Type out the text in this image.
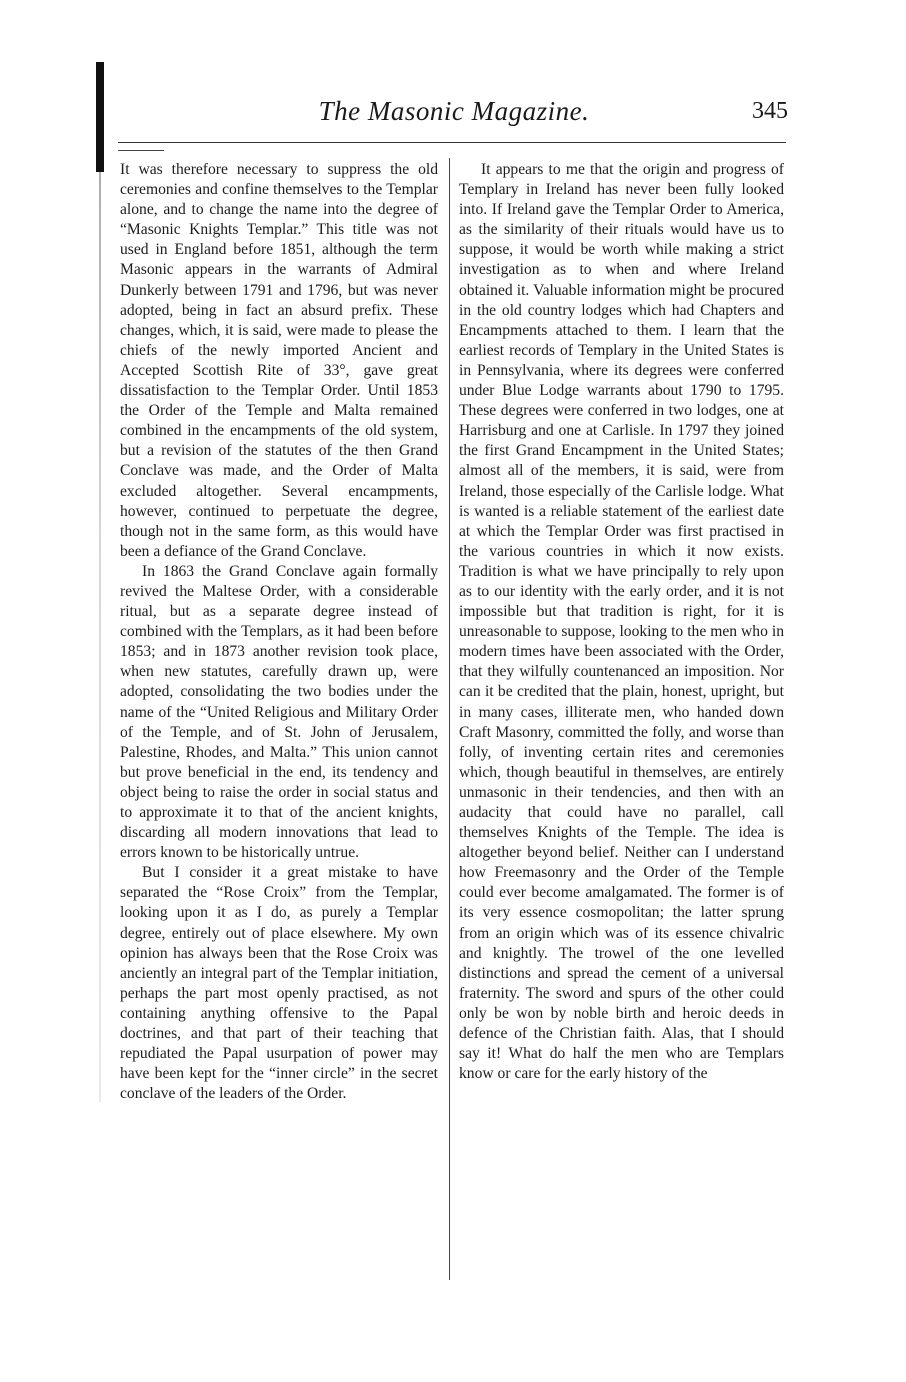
The Masonic Magazine.	345

It was therefore necessary to suppress the old ceremonies and confine themselves to the Templar alone, and to change the name into the degree of “Masonic Knights Templar.” This title was not used in England before 1851, although the term Masonic appears in the warrants of Admiral Dunkerly between 1791 and 1796, but was never adopted, being in fact an absurd prefix. These changes, which, it is said, were made to please the chiefs of the newly imported Ancient and Accepted Scottish Rite of 33°, gave great dissatisfaction to the Templar Order. Until 1853 the Order of the Temple and Malta remained combined in the encampments of the old system, but a revision of the statutes of the then Grand Conclave was made, and the Order of Malta excluded altogether. Several encampments, however, continued to perpetuate the degree, though not in the same form, as this would have been a defiance of the Grand Conclave.

In 1863 the Grand Conclave again formally revived the Maltese Order, with a considerable ritual, but as a separate degree instead of combined with the Templars, as it had been before 1853; and in 1873 another revision took place, when new statutes, carefully drawn up, were adopted, consolidating the two bodies under the name of the “United Religious and Military Order of the Temple, and of St. John of Jerusalem, Palestine, Rhodes, and Malta.” This union cannot but prove beneficial in the end, its tendency and object being to raise the order in social status and to approximate it to that of the ancient knights, discarding all modern innovations that lead to errors known to be historically untrue.

But I consider it a great mistake to have separated the “Rose Croix” from the Templar, looking upon it as I do, as purely a Templar degree, entirely out of place elsewhere. My own opinion has always been that the Rose Croix was anciently an integral part of the Templar initiation, perhaps the part most openly practised, as not containing anything offensive to the Papal doctrines, and that part of their teaching that repudiated the Papal usurpation of power may have been kept for the “inner circle” in the secret conclave of the leaders of the Order.

It appears to me that the origin and progress of Templary in Ireland has never been fully looked into. If Ireland gave the Templar Order to America, as the similarity of their rituals would have us to suppose, it would be worth while making a strict investigation as to when and where Ireland obtained it. Valuable information might be procured in the old country lodges which had Chapters and Encampments attached to them. I learn that the earliest records of Templary in the United States is in Pennsylvania, where its degrees were conferred under Blue Lodge warrants about 1790 to 1795. These degrees were conferred in two lodges, one at Harrisburg and one at Carlisle. In 1797 they joined the first Grand Encampment in the United States; almost all of the members, it is said, were from Ireland, those especially of the Carlisle lodge. What is wanted is a reliable statement of the earliest date at which the Templar Order was first practised in the various countries in which it now exists. Tradition is what we have principally to rely upon as to our identity with the early order, and it is not impossible but that tradition is right, for it is unreasonable to suppose, looking to the men who in modern times have been associated with the Order, that they wilfully countenanced an imposition. Nor can it be credited that the plain, honest, upright, but in many cases, illiterate men, who handed down Craft Masonry, committed the folly, and worse than folly, of inventing certain rites and ceremonies which, though beautiful in themselves, are entirely unmasonic in their tendencies, and then with an audacity that could have no parallel, call themselves Knights of the Temple. The idea is altogether beyond belief. Neither can I understand how Freemasonry and the Order of the Temple could ever become amalgamated. The former is of its very essence cosmopolitan; the latter sprung from an origin which was of its essence chivalric and knightly. The trowel of the one levelled distinctions and spread the cement of a universal fraternity. The sword and spurs of the other could only be won by noble birth and heroic deeds in defence of the Christian faith. Alas, that I should say it! What do half the men who are Templars know or care for the early history of the
